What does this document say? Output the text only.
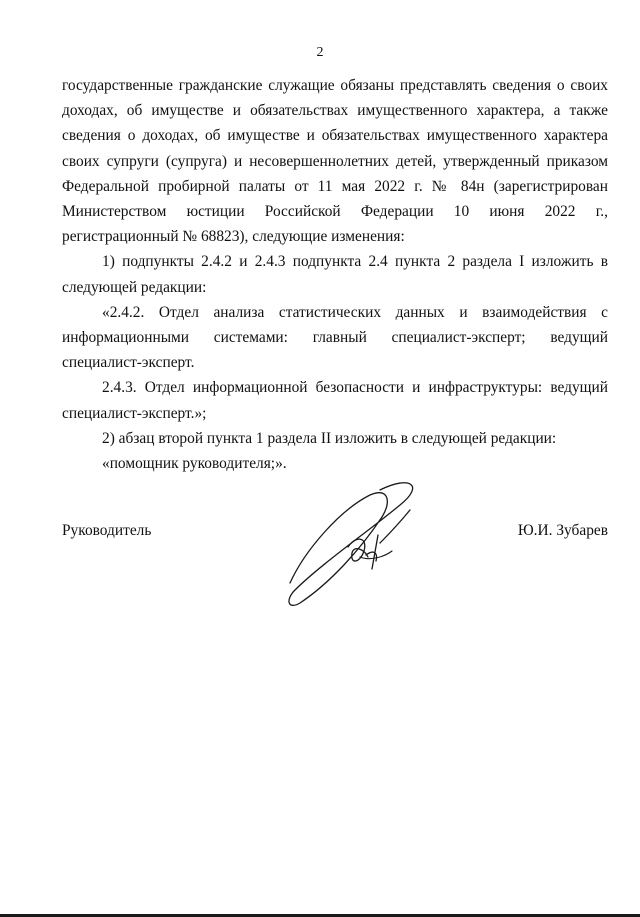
2

государственные гражданские служащие обязаны представлять сведения о своих доходах, об имуществе и обязательствах имущественного характера, а также сведения о доходах, об имуществе и обязательствах имущественного характера своих супруги (супруга) и несовершеннолетних детей, утвержденный приказом Федеральной пробирной палаты от 11 мая 2022 г. № 84н (зарегистрирован Министерством юстиции Российской Федерации 10 июня 2022 г., регистрационный № 68823), следующие изменения:

1) подпункты 2.4.2 и 2.4.3 подпункта 2.4 пункта 2 раздела I изложить в следующей редакции:

«2.4.2. Отдел анализа статистических данных и взаимодействия с информационными системами: главный специалист-эксперт; ведущий специалист-эксперт.

2.4.3. Отдел информационной безопасности и инфраструктуры: ведущий специалист-эксперт.»;

2) абзац второй пункта 1 раздела II изложить в следующей редакции:

«помощник руководителя;».

Руководитель	Ю.И. Зубарев
